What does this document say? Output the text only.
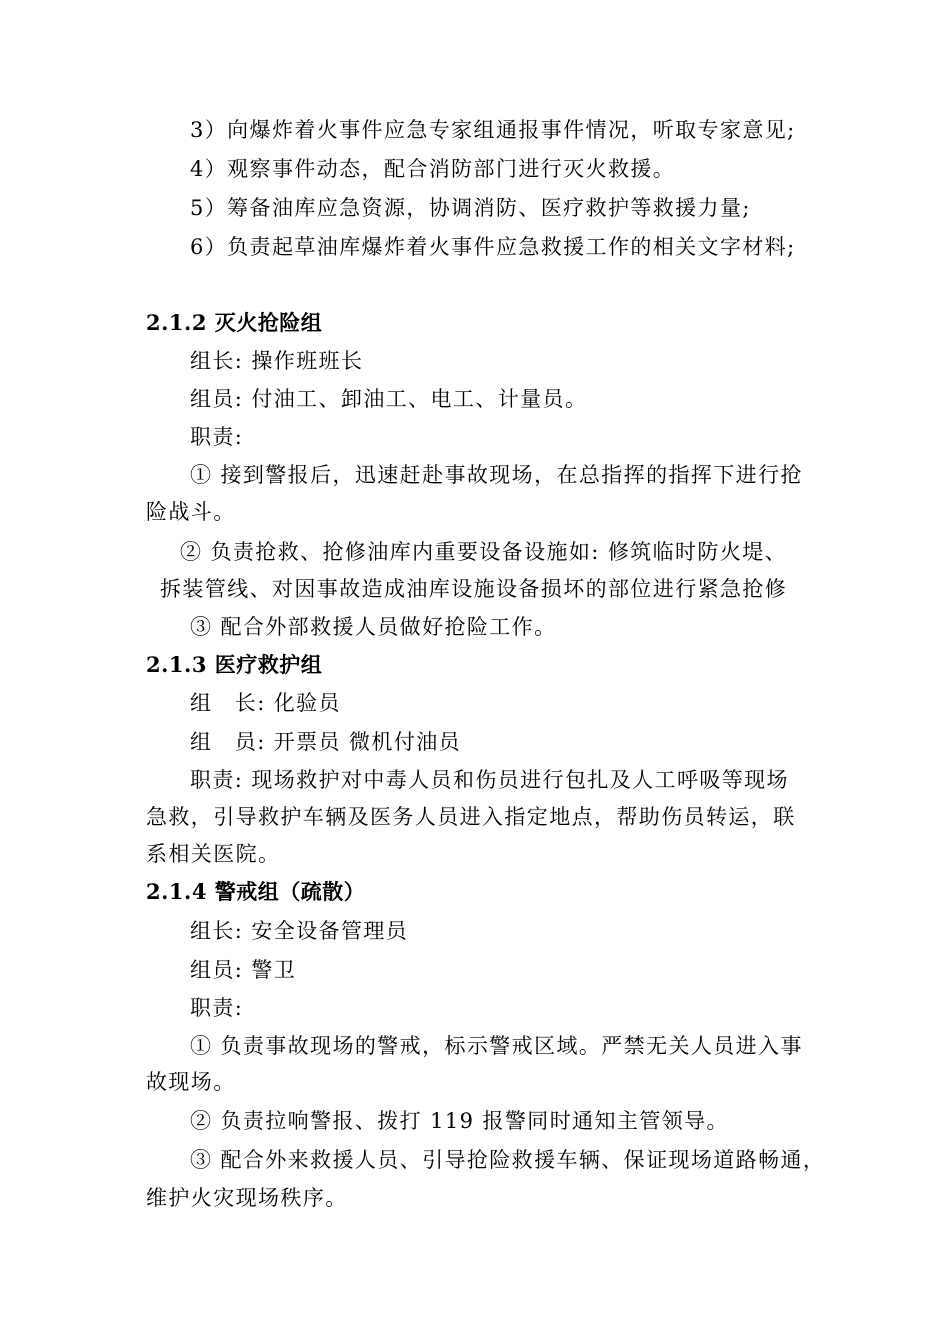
3）向爆炸着火事件应急专家组通报事件情况，听取专家意见;
4）观察事件动态，配合消防部门进行灭火救援。
5）筹备油库应急资源，协调消防、医疗救护等救援力量;
6）负责起草油库爆炸着火事件应急救援工作的相关文字材料;
2.1.2 灭火抢险组
组长: 操作班班长
组员: 付油工、卸油工、电工、计量员。
职责:
① 接到警报后，迅速赶赴事故现场，在总指挥的指挥下进行抢
险战斗。
② 负责抢救、抢修油库内重要设备设施如: 修筑临时防火堤、
拆装管线、对因事故造成油库设施设备损坏的部位进行紧急抢修
③ 配合外部救援人员做好抢险工作。
2.1.3 医疗救护组
组　长: 化验员
组　员: 开票员 微机付油员
职责: 现场救护对中毒人员和伤员进行包扎及人工呼吸等现场
急救，引导救护车辆及医务人员进入指定地点，帮助伤员转运，联
系相关医院。
2.1.4 警戒组（疏散）
组长: 安全设备管理员
组员: 警卫
职责:
① 负责事故现场的警戒，标示警戒区域。严禁无关人员进入事
故现场。
② 负责拉响警报、拨打 119 报警同时通知主管领导。
③ 配合外来救援人员、引导抢险救援车辆、保证现场道路畅通，
维护火灾现场秩序。
